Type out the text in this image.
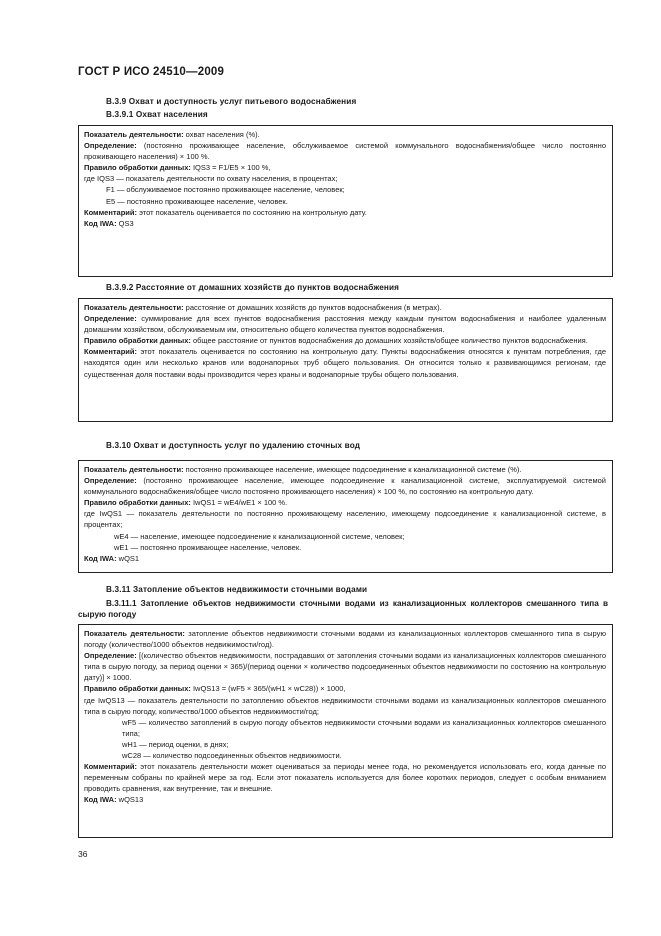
ГОСТ Р ИСО 24510—2009
B.3.9 Охват и доступность услуг питьевого водоснабжения
B.3.9.1 Охват населения

Показатель деятельности: охват населения (%).

Определение: (постоянно проживающее население, обслуживаемое системой коммунального водоснабжения/общее число постоянно проживающего населения) × 100 %.

Правило обработки данных: IQS3 = F1/E5 × 100 %,

где IQS3 — показатель деятельности по охвату населения, в процентах;

F1 — обслуживаемое постоянно проживающее население, человек;

E5 — постоянно проживающее население, человек.

Комментарий: этот показатель оценивается по состоянию на контрольную дату.

Код IWA: QS3

B.3.9.2 Расстояние от домашних хозяйств до пунктов водоснабжения

Показатель деятельности: расстояние от домашних хозяйств до пунктов водоснабжения (в метрах).

Определение: суммирование для всех пунктов водоснабжения расстояния между каждым пунктом водоснабжения и наиболее удаленным домашним хозяйством, обслуживаемым им, относительно общего количества пунктов водоснабжения.

Правило обработки данных: общее расстояние от пунктов водоснабжения до домашних хозяйств/общее количество пунктов водоснабжения.

Комментарий: этот показатель оценивается по состоянию на контрольную дату. Пункты водоснабжения относятся к пунктам потребления, где находятся один или несколько кранов или водонапорных труб общего пользования. Он относится только к развивающимся регионам, где существенная доля поставки воды производится через краны и водонапорные трубы общего пользования.

B.3.10 Охват и доступность услуг по удалению сточных вод

Показатель деятельности: постоянно проживающее население, имеющее подсоединение к канализационной системе (%).

Определение: (постоянно проживающее население, имеющее подсоединение к канализационной системе, эксплуатируемой системой коммунального водоснабжения/общее число постоянно проживающего населения) × 100 %, по состоянию на контрольную дату.

Правило обработки данных: IwQS1 = wE4/wE1 × 100 %.

где IwQS1 — показатель деятельности по постоянно проживающему населению, имеющему подсоединение к канализационной системе, в процентах;

wE4 — население, имеющее подсоединение к канализационной системе, человек;

wE1 — постоянно проживающее население, человек.

Код IWA: wQS1

B.3.11 Затопление объектов недвижимости сточными водами
B.3.11.1 Затопление объектов недвижимости сточными водами из канализационных коллекторов смешанного типа в сырую погоду

Показатель деятельности: затопление объектов недвижимости сточными водами из канализационных коллекторов смешанного типа в сырую погоду (количество/1000 объектов недвижимости/год).

Определение: [(количество объектов недвижимости, пострадавших от затопления сточными водами из канализационных коллекторов смешанного типа в сырую погоду, за период оценки × 365)/(период оценки × количество подсоединенных объектов недвижимости по состоянию на контрольную дату)] × 1000.

Правило обработки данных: IwQS13 = (wF5 × 365/(wH1 × wC28)) × 1000,

где IwQS13 — показатель деятельности по затоплению объектов недвижимости сточными водами из канализационных коллекторов смешанного типа в сырую погоду, количество/1000 объектов недвижимости/год;

wF5 — количество затоплений в сырую погоду объектов недвижимости сточными водами из канализационных коллекторов смешанного типа;

wH1 — период оценки, в днях;

wC28 — количество подсоединенных объектов недвижимости.

Комментарий: этот показатель деятельности может оцениваться за периоды менее года, но рекомендуется использовать его, когда данные по переменным собраны по крайней мере за год. Если этот показатель используется для более коротких периодов, следует с особым вниманием проводить сравнения, как внутренние, так и внешние.

Код IWA: wQS13

36
